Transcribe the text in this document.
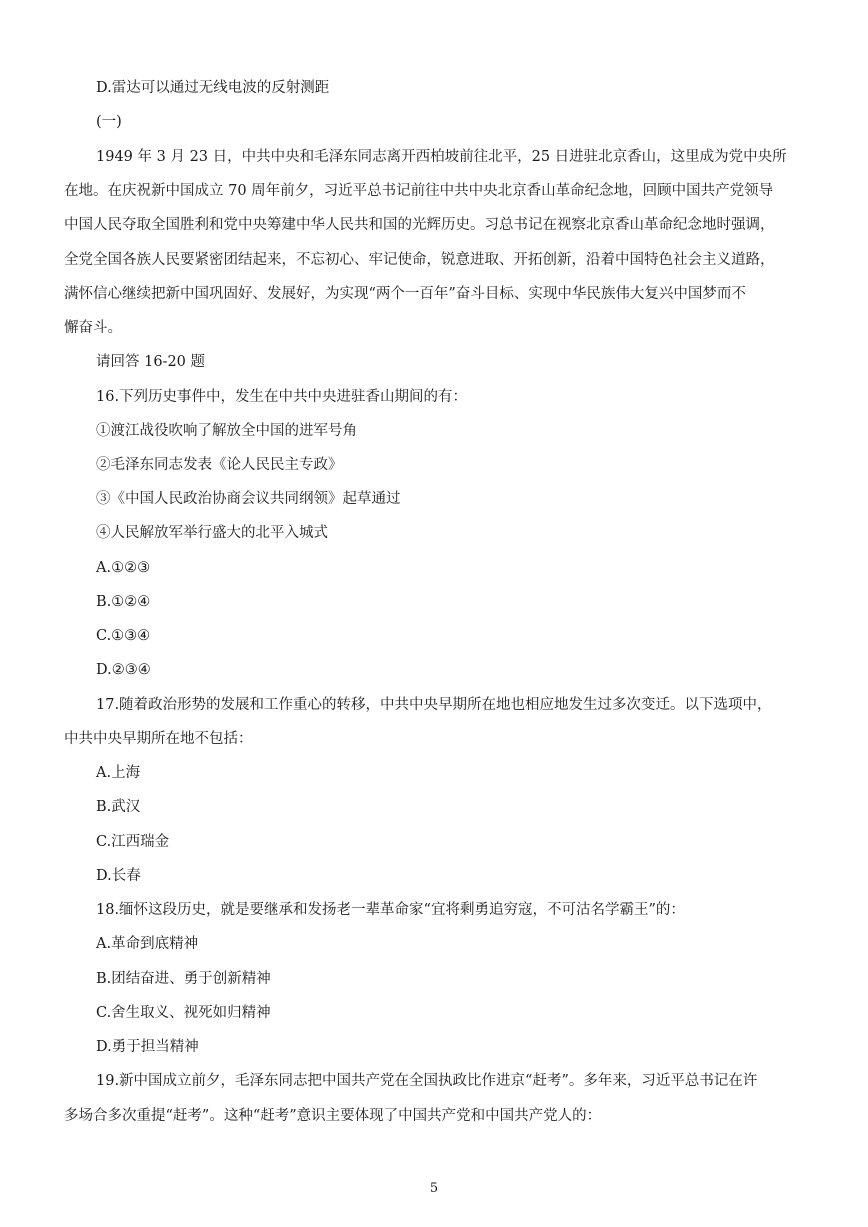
D.雷达可以通过无线电波的反射测距
(一)
1949 年 3 月 23 日，中共中央和毛泽东同志离开西柏坡前往北平，25 日进驻北京香山，这里成为党中央所
在地。在庆祝新中国成立 70 周年前夕，习近平总书记前往中共中央北京香山革命纪念地，回顾中国共产党领导
中国人民夺取全国胜利和党中央筹建中华人民共和国的光辉历史。习总书记在视察北京香山革命纪念地时强调，
全党全国各族人民要紧密团结起来，不忘初心、牢记使命，锐意进取、开拓创新，沿着中国特色社会主义道路，
满怀信心继续把新中国巩固好、发展好，为实现“两个一百年”奋斗目标、实现中华民族伟大复兴中国梦而不
懈奋斗。
请回答 16-20 题
16.下列历史事件中，发生在中共中央进驻香山期间的有：
①渡江战役吹响了解放全中国的进军号角
②毛泽东同志发表《论人民民主专政》
③《中国人民政治协商会议共同纲领》起草通过
④人民解放军举行盛大的北平入城式
A.①②③
B.①②④
C.①③④
D.②③④
17.随着政治形势的发展和工作重心的转移，中共中央早期所在地也相应地发生过多次变迁。以下选项中，
中共中央早期所在地不包括：
A.上海
B.武汉
C.江西瑞金
D.长春
18.缅怀这段历史，就是要继承和发扬老一辈革命家“宜将剩勇追穷寇，不可沽名学霸王”的：
A.革命到底精神
B.团结奋进、勇于创新精神
C.舍生取义、视死如归精神
D.勇于担当精神
19.新中国成立前夕，毛泽东同志把中国共产党在全国执政比作进京“赶考”。多年来，习近平总书记在许
多场合多次重提“赶考”。这种“赶考”意识主要体现了中国共产党和中国共产党人的：
5
